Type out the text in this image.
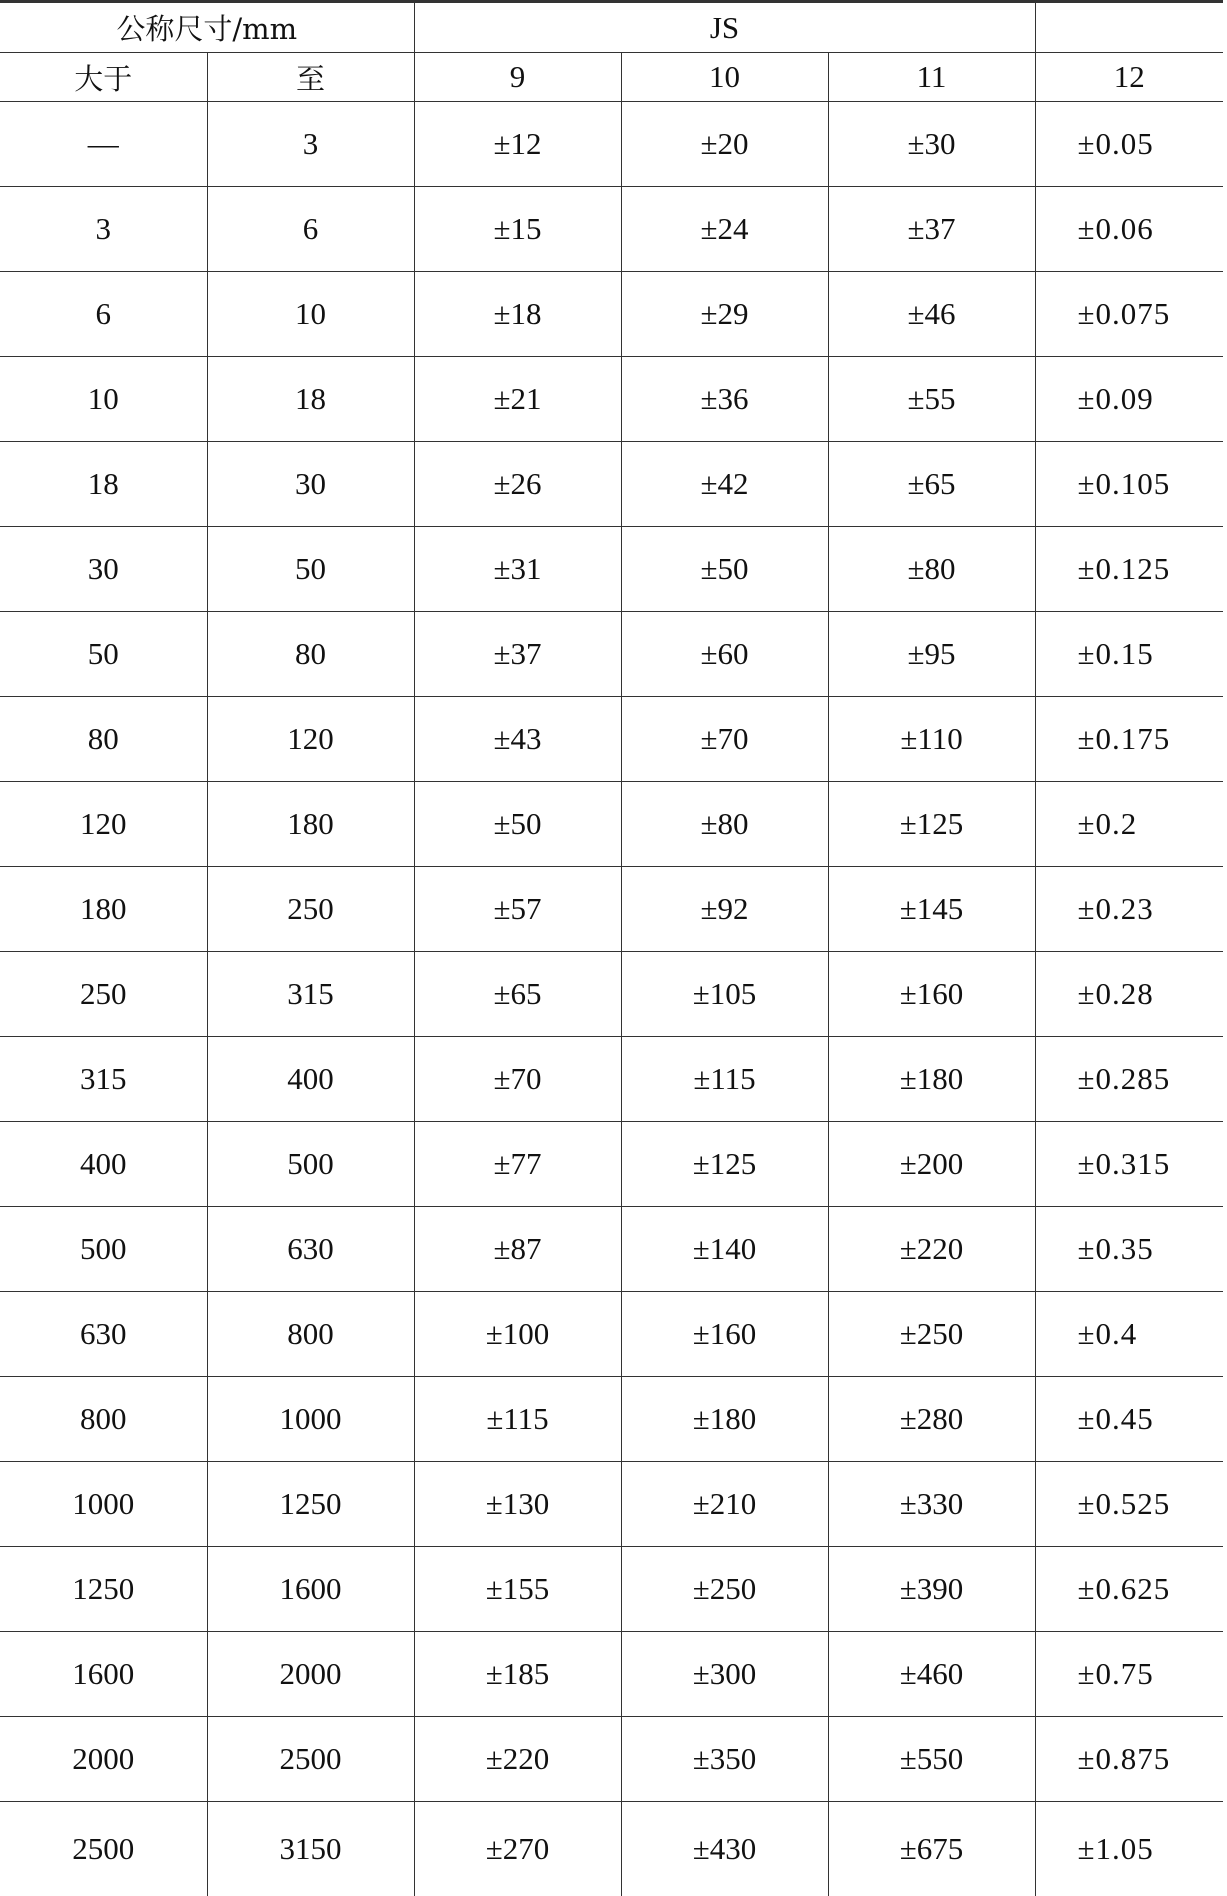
公称尺寸/mm		JS			
大于	至	9	10	11	12
—	3	±12	±20	±30	±0.05
3	6	±15	±24	±37	±0.06
6	10	±18	±29	±46	±0.075
10	18	±21	±36	±55	±0.09
18	30	±26	±42	±65	±0.105
30	50	±31	±50	±80	±0.125
50	80	±37	±60	±95	±0.15
80	120	±43	±70	±110	±0.175
120	180	±50	±80	±125	±0.2
180	250	±57	±92	±145	±0.23
250	315	±65	±105	±160	±0.28
315	400	±70	±115	±180	±0.285
400	500	±77	±125	±200	±0.315
500	630	±87	±140	±220	±0.35
630	800	±100	±160	±250	±0.4
800	1000	±115	±180	±280	±0.45
1000	1250	±130	±210	±330	±0.525
1250	1600	±155	±250	±390	±0.625
1600	2000	±185	±300	±460	±0.75
2000	2500	±220	±350	±550	±0.875
2500	3150	±270	±430	±675	±1.05
